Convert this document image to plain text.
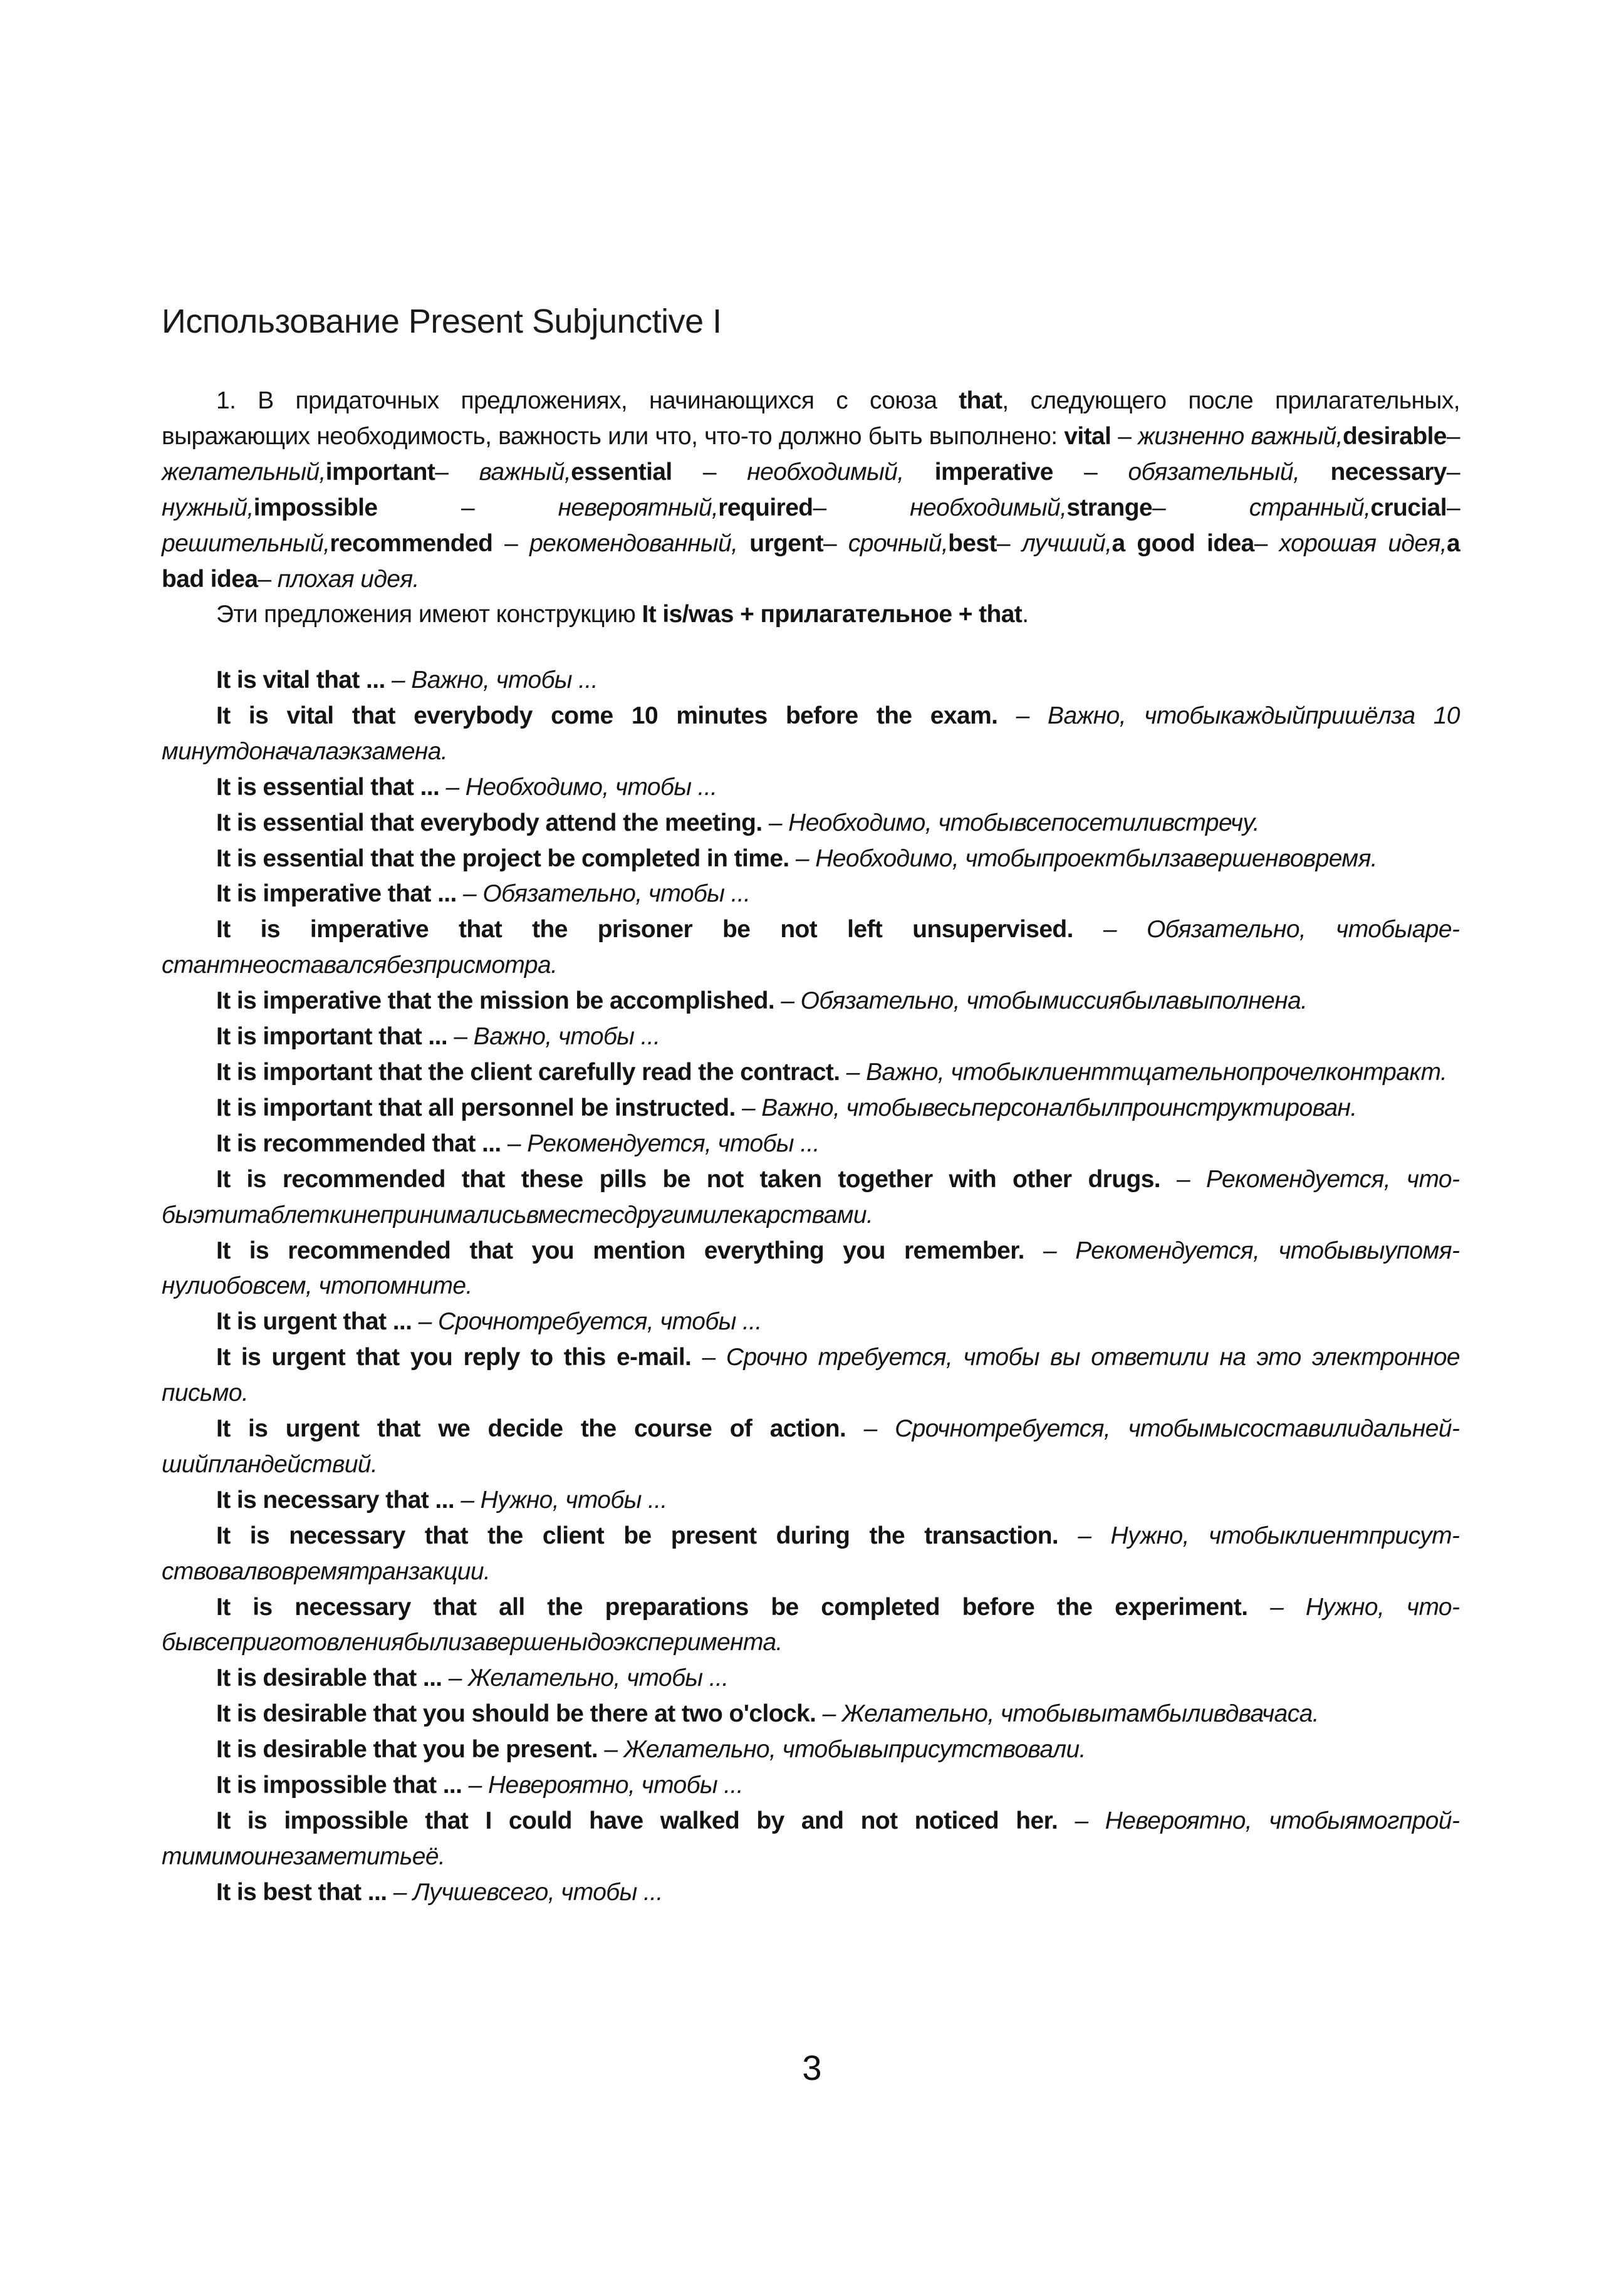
Использование Present Subjunctive I

1. В придаточных предложениях, начинающихся с союза that, следующего после прилагательных, выражающих необходимость, важность или что, что-то должно быть выполнено: vital – жизненно важный,desirable– желательный,important– важный,essential – необходимый, imperative – обязательный, necessary– нужный,impossible – невероятный,required– необходимый,strange– странный,crucial– решительный,recommended – рекомендованный, urgent– срочный,best– лучший,a good idea– хорошая идея,a bad idea– плохая идея.

Эти предложения имеют конструкцию It is/was + прилагательное + that.

It is vital that ... – Важно, чтобы ...

It is vital that everybody come 10 minutes before the exam. – Важно, чтобыкаждыйпришёлза 10 минутдоначалаэкзамена.

It is essential that ... – Необходимо, чтобы ...

It is essential that everybody attend the meeting. – Необходимо, чтобывсепосетиливстречу.

It is essential that the project be completed in time. – Необходимо, чтобыпроектбылзавершенвовремя.

It is imperative that ... – Обязательно, чтобы ...

It is imperative that the prisoner be not left unsupervised. – Обязательно, чтобыарестантнеоставалсябезприсмотра.

It is imperative that the mission be accomplished. – Обязательно, чтобымиссиябылавыполнена.

It is important that ... – Важно, чтобы ...

It is important that the client carefully read the contract. – Важно, чтобыклиенттщательнопрочелконтракт.

It is important that all personnel be instructed. – Важно, чтобывесьперсоналбылпроинструктирован.

It is recommended that ... – Рекомендуется, чтобы ...

It is recommended that these pills be not taken together with other drugs. – Рекомендуется, чтобыэтитаблеткинепринималисьвместесдругимилекарствами.

It is recommended that you mention everything you remember. – Рекомендуется, чтобывыупомянулиобовсем, чтопомните.

It is urgent that ... – Срочнотребуется, чтобы ...

It is urgent that you reply to this e-mail. – Срочно требуется, чтобы вы ответили на это электронное письмо.

It is urgent that we decide the course of action. – Срочнотребуется, чтобымысоставилидальнейшийпландействий.

It is necessary that ... – Нужно, чтобы ...

It is necessary that the client be present during the transaction. – Нужно, чтобыклиентприсутствовалвовремятранзакции.

It is necessary that all the preparations be completed before the experiment. – Нужно, чтобывсеприготовлениябылизавершеныдоэксперимента.

It is desirable that ... – Желательно, чтобы ...

It is desirable that you should be there at two o'clock. – Желательно, чтобывытамбыливдвачаса.

It is desirable that you be present. – Желательно, чтобывыприсутствовали.

It is impossible that ... – Невероятно, чтобы ...

It is impossible that I could have walked by and not noticed her. – Невероятно, чтобыямогпройтимимоинезаметитьеё.

It is best that ... – Лучшевсего, чтобы ...

3
